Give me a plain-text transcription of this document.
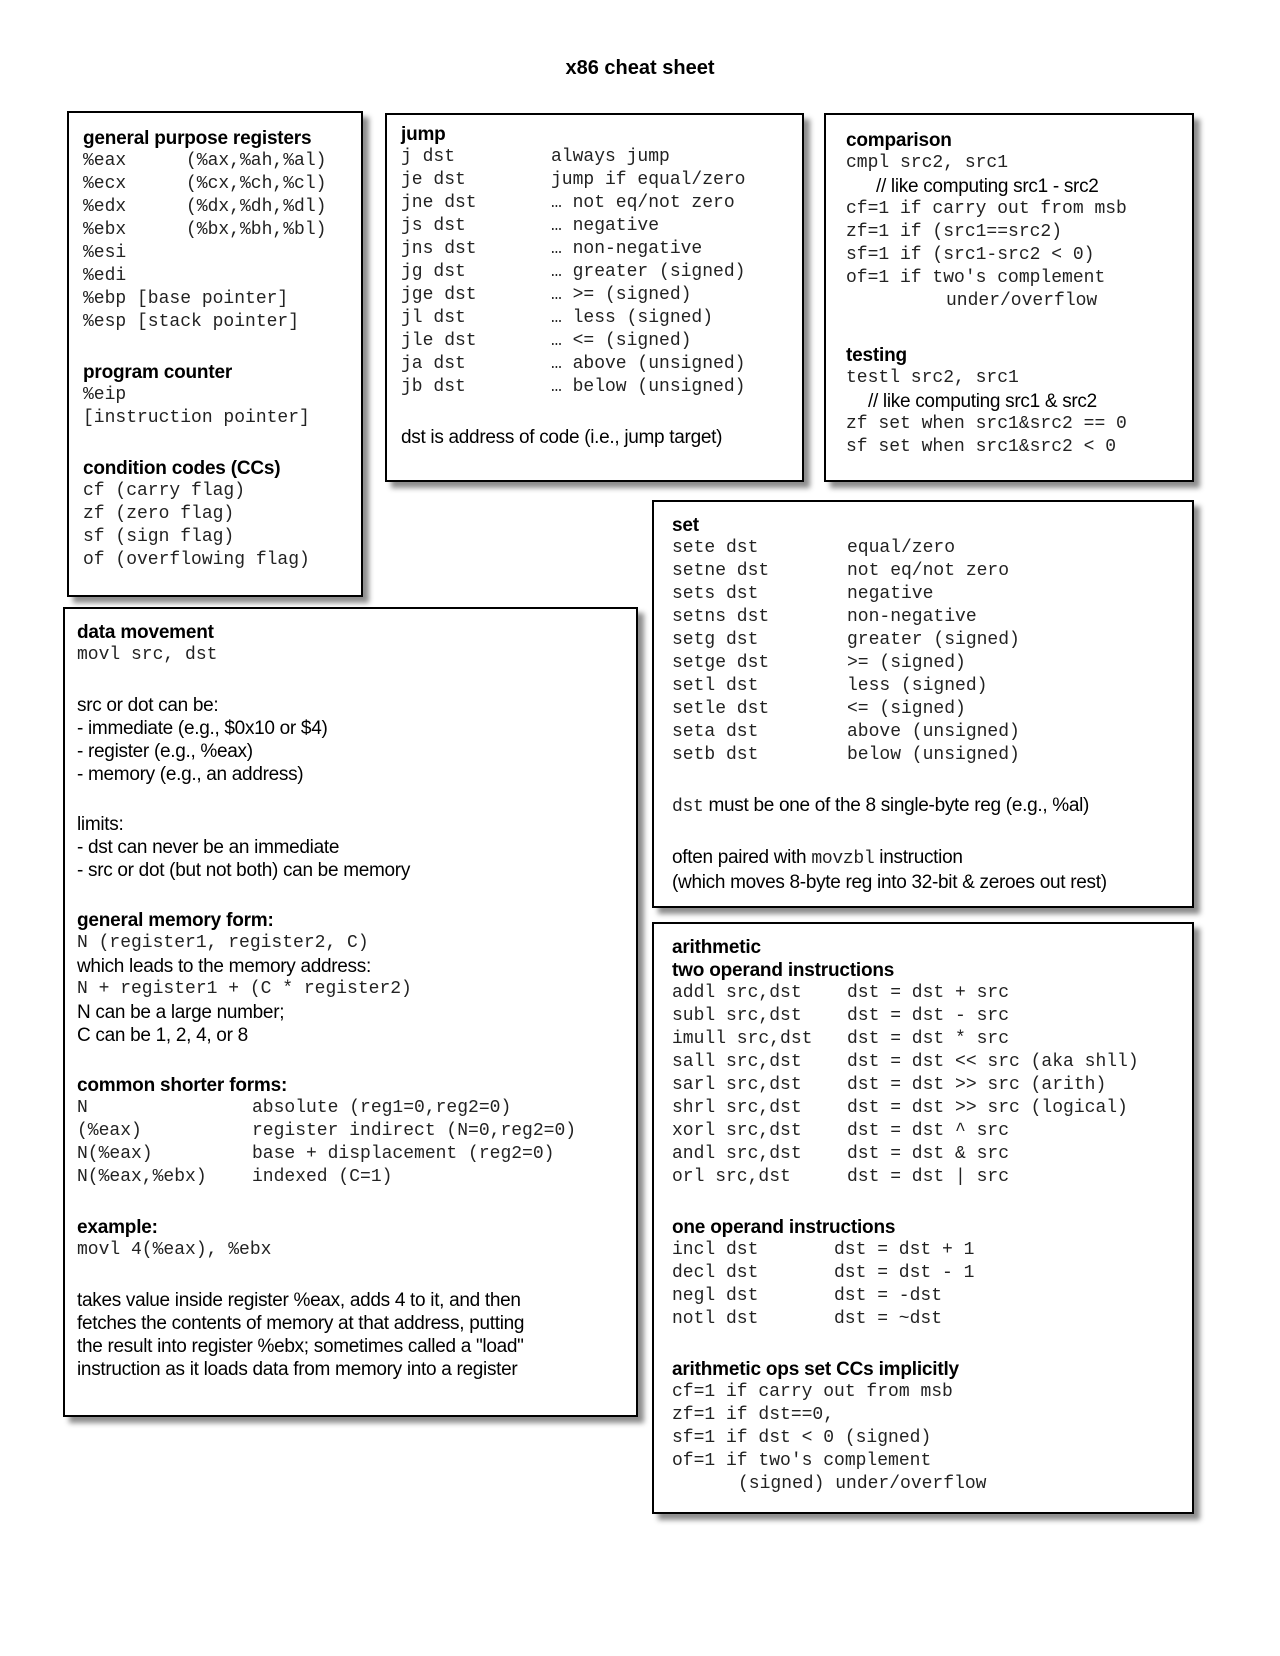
x86 cheat sheet
general purpose registers
%eax	(%ax,%ah,%al)
%ecx	(%cx,%ch,%cl)
%edx	(%dx,%dh,%dl)
%ebx	(%bx,%bh,%bl)
%esi
%edi
%ebp [base pointer]
%esp [stack pointer]
program counter
%eip
[instruction pointer]
condition codes (CCs)
cf (carry flag)
zf (zero flag)
sf (sign flag)
of (overflowing flag)
jump
j dst	always jump
je dst	jump if equal/zero
jne dst	… not eq/not zero
js dst	… negative
jns dst	… non-negative
jg dst	… greater (signed)
jge dst	… >= (signed)
jl dst	… less (signed)
jle dst	… <= (signed)
ja dst	… above (unsigned)
jb dst	… below (unsigned)
dst is address of code (i.e., jump target)
comparison
cmpl src2, src1
// like computing src1 - src2
cf=1 if carry out from msb
zf=1 if (src1==src2)
sf=1 if (src1-src2 < 0)
of=1 if two's complement
under/overflow
testing
testl src2, src1
// like computing src1 & src2
zf set when src1&src2 == 0
sf set when src1&src2 < 0
set
sete dst	equal/zero
setne dst	not eq/not zero
sets dst	negative
setns dst	non-negative
setg dst	greater (signed)
setge dst	>= (signed)
setl dst	less (signed)
setle dst	<= (signed)
seta dst	above (unsigned)
setb dst	below (unsigned)
dst must be one of the 8 single-byte reg (e.g., %al)
often paired with movzbl instruction
(which moves 8-byte reg into 32-bit & zeroes out rest)
data movement
movl src, dst
src or dot can be:
- immediate (e.g., $0x10 or $4)
- register (e.g., %eax)
- memory (e.g., an address)
limits:
- dst can never be an immediate
- src or dot (but not both) can be memory
general memory form:
N (register1, register2, C)
which leads to the memory address:
N + register1 + (C * register2)
N can be a large number;
C can be 1, 2, 4, or 8
common shorter forms:
N	absolute (reg1=0,reg2=0)
(%eax)	register indirect (N=0,reg2=0)
N(%eax)	base + displacement (reg2=0)
N(%eax,%ebx)	indexed (C=1)
example:
movl 4(%eax), %ebx
takes value inside register %eax, adds 4 to it, and then
fetches the contents of memory at that address, putting
the result into register %ebx; sometimes called a "load"
instruction as it loads data from memory into a register
arithmetic
two operand instructions
addl src,dst	dst = dst + src
subl src,dst	dst = dst - src
imull src,dst	dst = dst * src
sall src,dst	dst = dst << src (aka shll)
sarl src,dst	dst = dst >> src (arith)
shrl src,dst	dst = dst >> src (logical)
xorl src,dst	dst = dst ^ src
andl src,dst	dst = dst & src
orl src,dst	dst = dst | src
one operand instructions
incl dst	dst = dst + 1
decl dst	dst = dst - 1
negl dst	dst = -dst
notl dst	dst = ~dst
arithmetic ops set CCs implicitly
cf=1 if carry out from msb
zf=1 if dst==0,
sf=1 if dst < 0 (signed)
of=1 if two's complement
(signed) under/overflow
